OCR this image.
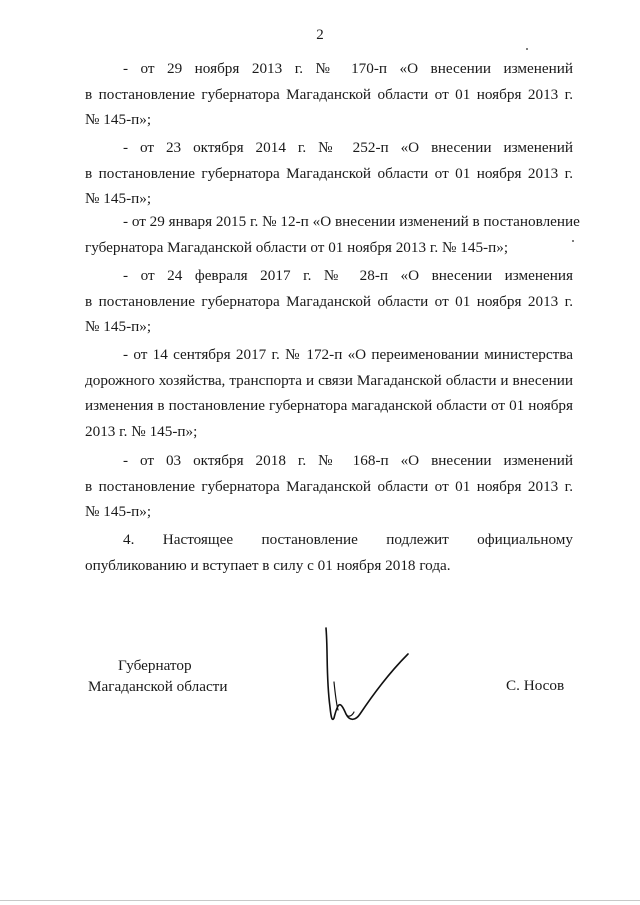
2
- от 29 ноября 2013 г. № 170-п «О внесении изменений
в постановление губернатора Магаданской области от 01 ноября 2013 г.
№ 145-п»;
- от 23 октября 2014 г. № 252-п «О внесении изменений
в постановление губернатора Магаданской области от 01 ноября 2013 г.
№ 145-п»;
- от 29 января 2015 г. № 12-п «О внесении изменений в постановление
губернатора Магаданской области от 01 ноября 2013 г. № 145-п»;
- от 24 февраля 2017 г. № 28-п «О внесении изменения
в постановление губернатора Магаданской области от 01 ноября 2013 г.
№ 145-п»;
- от 14 сентября 2017 г. № 172-п «О переименовании министерства
дорожного хозяйства, транспорта и связи Магаданской области и внесении
изменения в постановление губернатора магаданской области от 01 ноября
2013 г. № 145-п»;
- от 03 октября 2018 г. № 168-п «О внесении изменений
в постановление губернатора Магаданской области от 01 ноября 2013 г.
№ 145-п»;
4. Настоящее постановление подлежит официальному
опубликованию и вступает в силу с 01 ноября 2018 года.
Губернатор
Магаданской области	С. Носов
